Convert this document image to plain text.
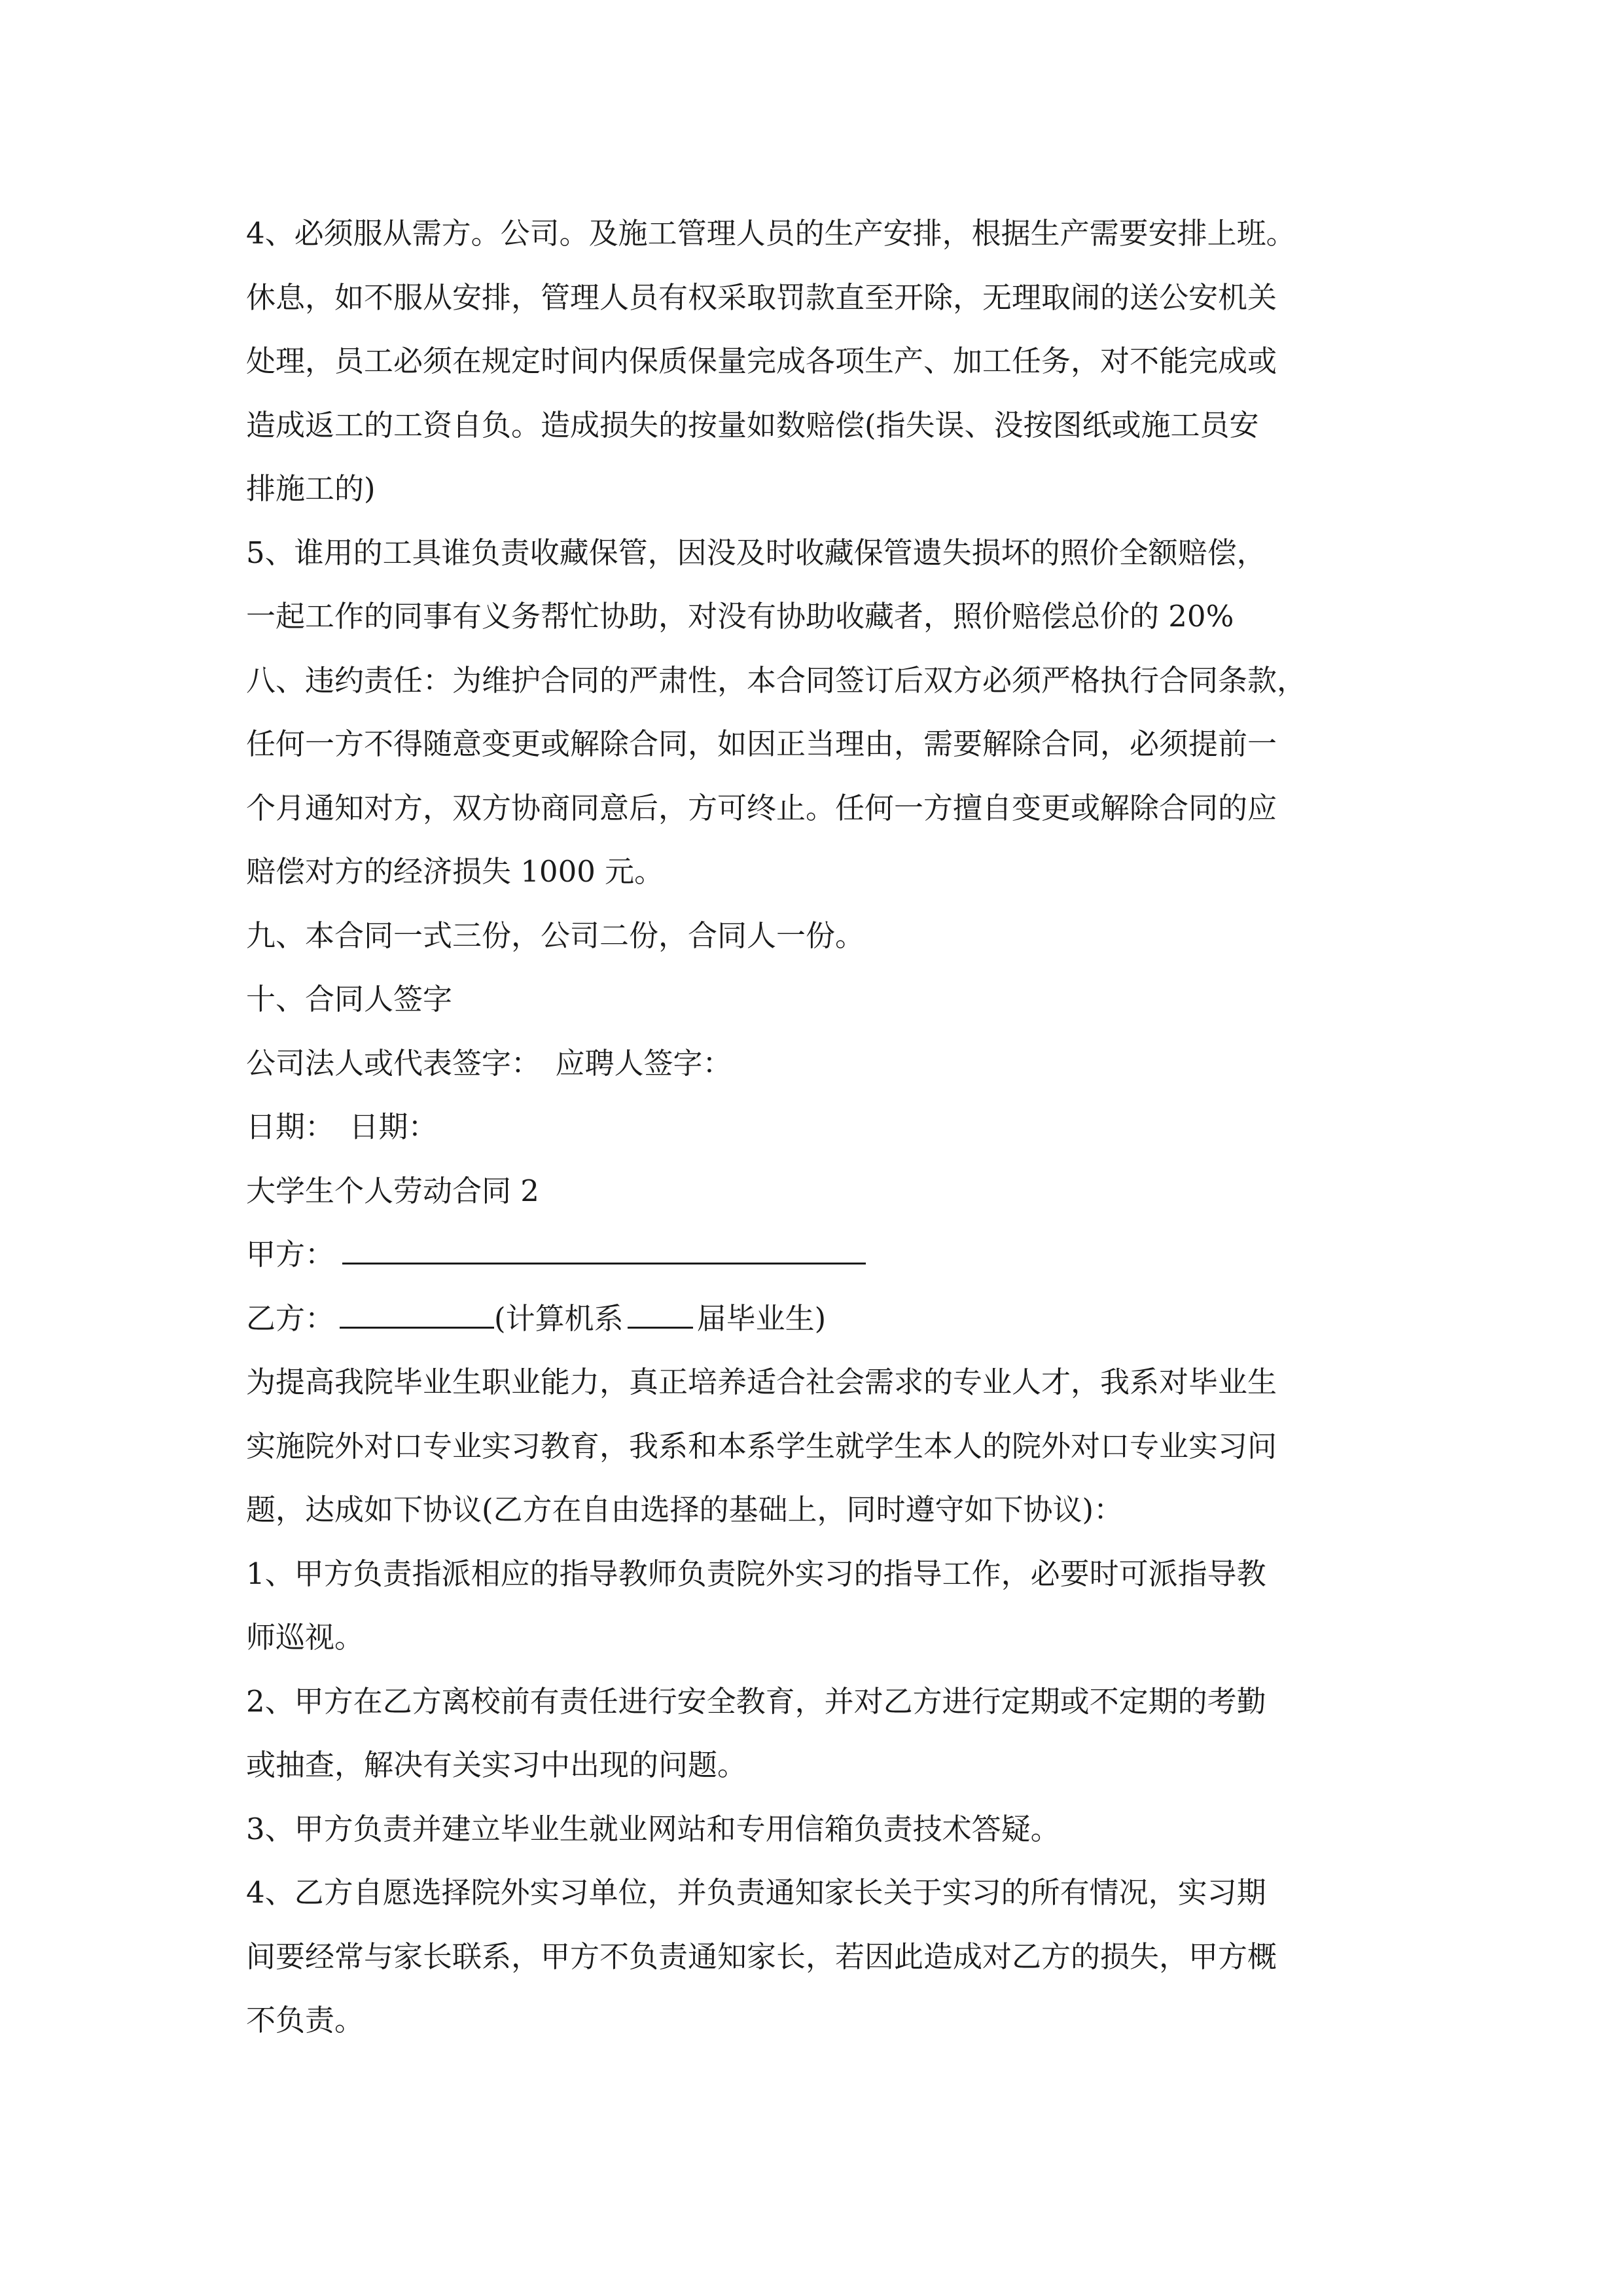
4、必须服从需方。公司。及施工管理人员的生产安排，根据生产需要安排上班。
休息，如不服从安排，管理人员有权采取罚款直至开除，无理取闹的送公安机关
处理，员工必须在规定时间内保质保量完成各项生产、加工任务，对不能完成或
造成返工的工资自负。造成损失的按量如数赔偿(指失误、没按图纸或施工员安
排施工的)
5、谁用的工具谁负责收藏保管，因没及时收藏保管遗失损坏的照价全额赔偿，
一起工作的同事有义务帮忙协助，对没有协助收藏者，照价赔偿总价的 20%
八、违约责任：为维护合同的严肃性，本合同签订后双方必须严格执行合同条款，
任何一方不得随意变更或解除合同，如因正当理由，需要解除合同，必须提前一
个月通知对方，双方协商同意后，方可终止。任何一方擅自变更或解除合同的应
赔偿对方的经济损失 1000 元。
九、本合同一式三份，公司二份，合同人一份。
十、合同人签字
公司法人或代表签字：　应聘人签字：
日期：　日期：
大学生个人劳动合同 2
甲方：
乙方：	(计算机系 届毕业生)
为提高我院毕业生职业能力，真正培养适合社会需求的专业人才，我系对毕业生
实施院外对口专业实习教育，我系和本系学生就学生本人的院外对口专业实习问
题，达成如下协议(乙方在自由选择的基础上，同时遵守如下协议)：
1、甲方负责指派相应的指导教师负责院外实习的指导工作，必要时可派指导教
师巡视。
2、甲方在乙方离校前有责任进行安全教育，并对乙方进行定期或不定期的考勤
或抽查，解决有关实习中出现的问题。
3、甲方负责并建立毕业生就业网站和专用信箱负责技术答疑。
4、乙方自愿选择院外实习单位，并负责通知家长关于实习的所有情况，实习期
间要经常与家长联系，甲方不负责通知家长，若因此造成对乙方的损失，甲方概
不负责。
